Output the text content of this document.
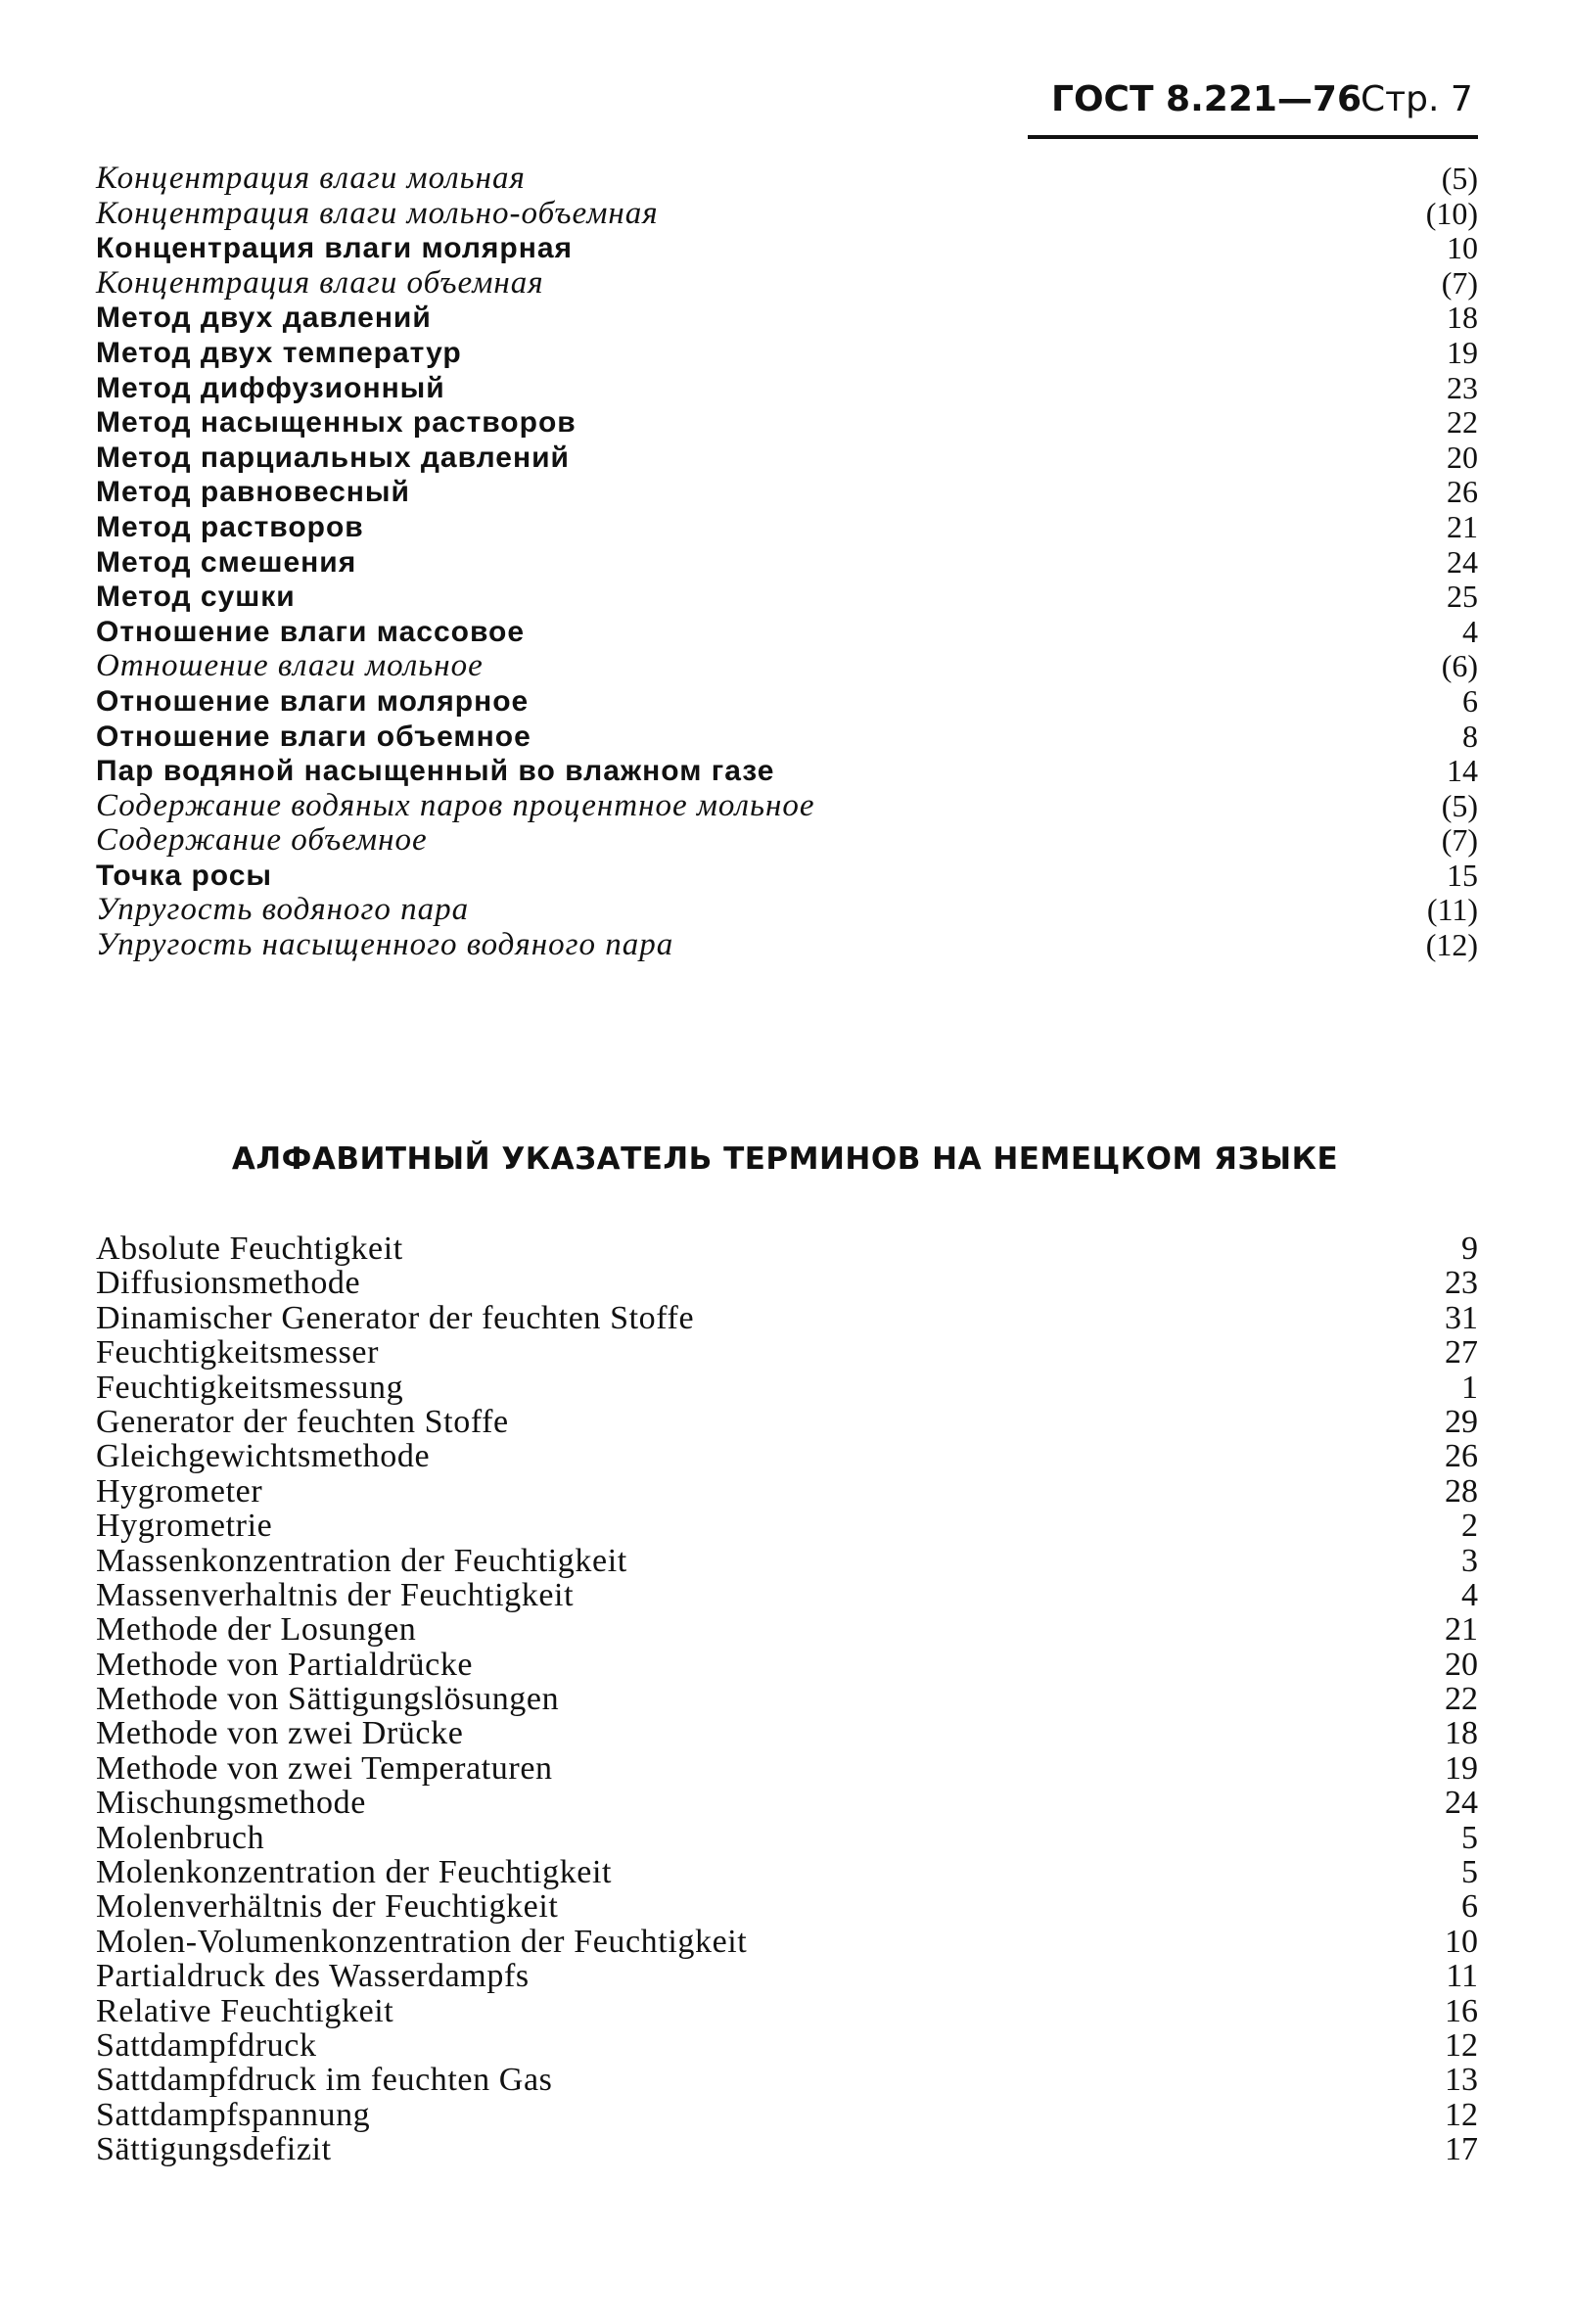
ГОСТ 8.221—76
Стр. 7
Концентрация влаги мольная	(5)
Концентрация влаги мольно-объемная	(10)
Концентрация влаги молярная	10
Концентрация влаги объемная	(7)
Метод двух давлений	18
Метод двух температур	19
Метод диффузионный	23
Метод насыщенных растворов	22
Метод парциальных давлений	20
Метод равновесный	26
Метод растворов	21
Метод смешения	24
Метод сушки	25
Отношение влаги массовое	4
Отношение влаги мольное	(6)
Отношение влаги молярное	6
Отношение влаги объемное	8
Пар водяной насыщенный во влажном газе	14
Содержание водяных паров процентное мольное	(5)
Содержание объемное	(7)
Точка росы	15
Упругость водяного пара	(11)
Упругость насыщенного водяного пара	(12)
АЛФАВИТНЫЙ УКАЗАТЕЛЬ ТЕРМИНОВ НА НЕМЕЦКОМ ЯЗЫКЕ
Absolute Feuchtigkeit	9
Diffusionsmethode	23
Dinamischer Generator der feuchten Stoffe	31
Feuchtigkeitsmesser	27
Feuchtigkeitsmessung	1
Generator der feuchten Stoffe	29
Gleichgewichtsmethode	26
Hygrometer	28
Hygrometrie	2
Massenkonzentration der Feuchtigkeit	3
Massenverhaltnis der Feuchtigkeit	4
Methode der Losungen	21
Methode von Partialdrücke	20
Methode von Sättigungslösungen	22
Methode von zwei Drücke	18
Methode von zwei Temperaturen	19
Mischungsmethode	24
Molenbruch	5
Molenkonzentration der Feuchtigkeit	5
Molenverhältnis der Feuchtigkeit	6
Molen-Volumenkonzentration der Feuchtigkeit	10
Partialdruck des Wasserdampfs	11
Relative Feuchtigkeit	16
Sattdampfdruck	12
Sattdampfdruck im feuchten Gas	13
Sattdampfspannung	12
Sättigungsdefizit	17
